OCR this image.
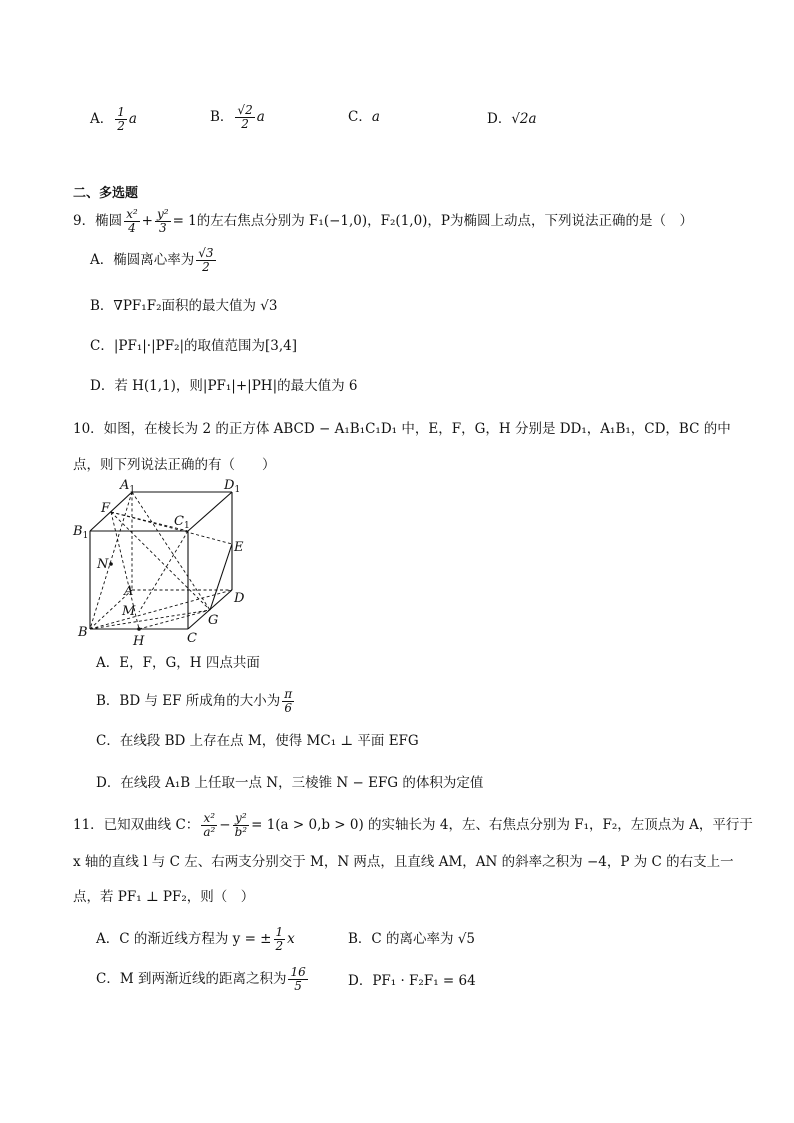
A． $\frac{1}{2}$ a	B． $\frac{√2}{2}$ a	C．a	D．√2a
二、多选题
9．椭圆 $\frac{\text{x²}}{4} + \frac{\text{y²}}{3} = 1$的左右焦点分别为 F₁(−1,0)，F₂(1,0)，P为椭圆上动点，下列说法正确的是（　）
A．椭圆离心率为 $\frac{√3}{2}$
B．∇PF₁F₂面积的最大值为 √3
C．|PF₁|·|PF₂|的取值范围为[3,4]
D．若 H(1,1)，则|PF₁|+|PH|的最大值为 6
10．如图，在棱长为 2 的正方体 ABCD − A₁B₁C₁D₁ 中，E，F，G，H 分别是 DD₁，A₁B₁，CD，BC 的中
点，则下列说法正确的有（　　）
$A_1$	$D_1$
$B_1$
$C_1$
F
E
N
A
M
D
G
B
H	C
A．E，F，G，H 四点共面
B．BD 与 EF 所成角的大小为 $\frac{\pi}{6}$
C．在线段 BD 上存在点 M，使得 MC₁ ⊥ 平面 EFG
D．在线段 A₁B 上任取一点 N，三棱锥 N − EFG 的体积为定值
11．已知双曲线 C： $\frac{\text{x²}}{\text{a²}} - \frac{\text{y²}}{\text{b²}} = 1(a > 0,b > 0)$ 的实轴长为 4，左、右焦点分别为 F₁，F₂，左顶点为 A，平行于
x 轴的直线 l 与 C 左、右两支分别交于 M，N 两点，且直线 AM，AN 的斜率之积为 −4，P 为 C 的右支上一
点，若 PF₁ ⊥ PF₂，则（　）
A．C 的渐近线方程为 y = ± $\frac{1}{2}$ x	B．C 的离心率为 √5
C．M 到两渐近线的距离之积为 $\frac{16}{5}$	D．PF₁ · F₂F₁ = 64
